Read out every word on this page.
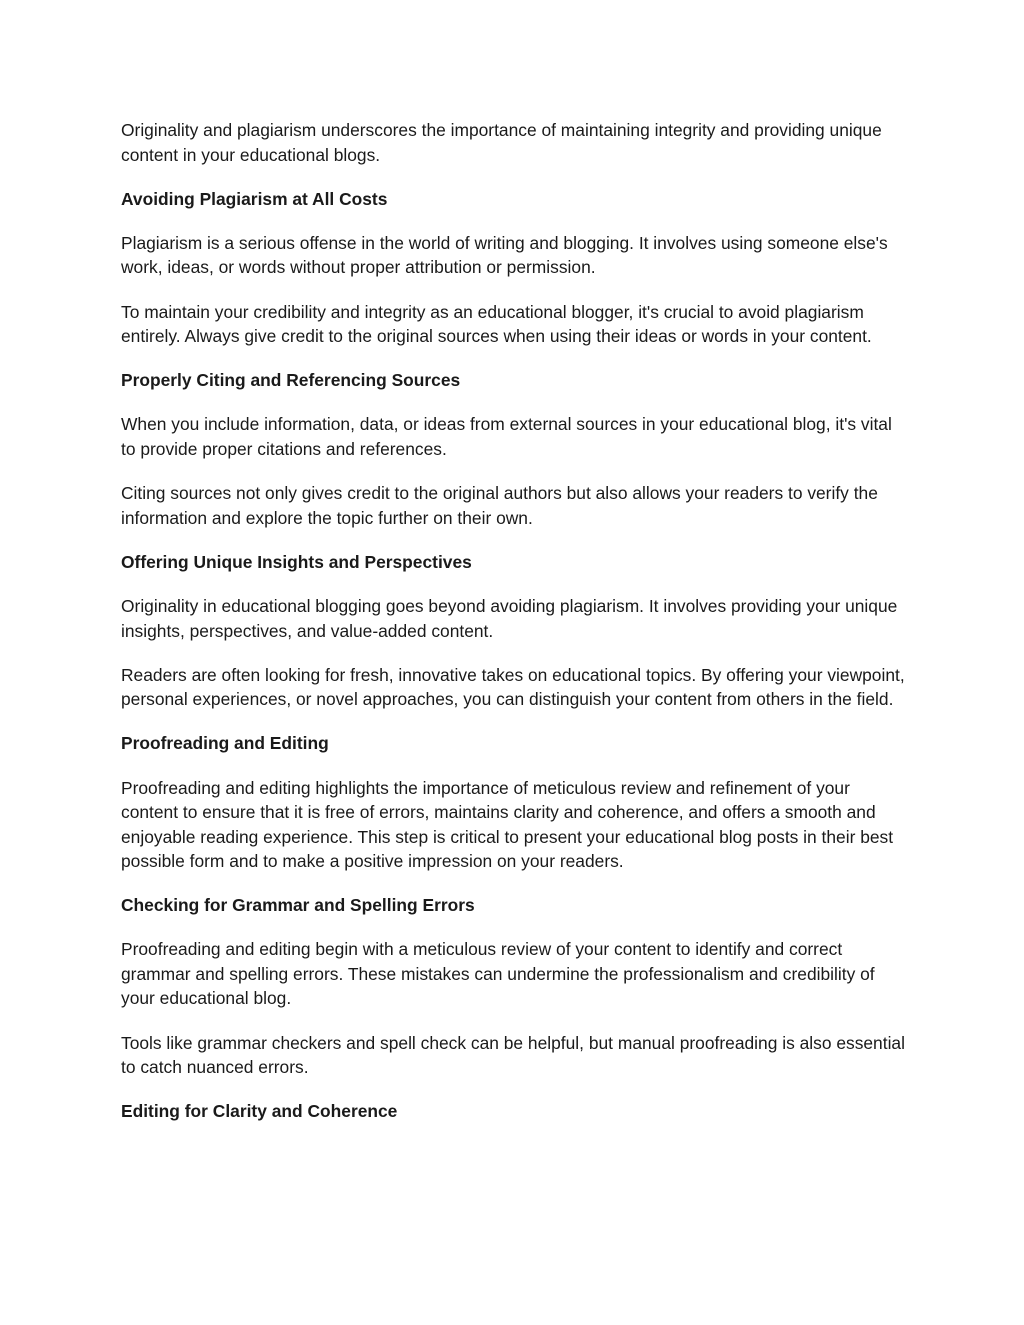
Originality and plagiarism underscores the importance of maintaining integrity and providing unique content in your educational blogs.

Avoiding Plagiarism at All Costs

Plagiarism is a serious offense in the world of writing and blogging. It involves using someone else's work, ideas, or words without proper attribution or permission.

To maintain your credibility and integrity as an educational blogger, it's crucial to avoid plagiarism entirely. Always give credit to the original sources when using their ideas or words in your content.

Properly Citing and Referencing Sources

When you include information, data, or ideas from external sources in your educational blog, it's vital to provide proper citations and references.

Citing sources not only gives credit to the original authors but also allows your readers to verify the information and explore the topic further on their own.

Offering Unique Insights and Perspectives

Originality in educational blogging goes beyond avoiding plagiarism. It involves providing your unique insights, perspectives, and value-added content.

Readers are often looking for fresh, innovative takes on educational topics. By offering your viewpoint, personal experiences, or novel approaches, you can distinguish your content from others in the field.

Proofreading and Editing

Proofreading and editing highlights the importance of meticulous review and refinement of your content to ensure that it is free of errors, maintains clarity and coherence, and offers a smooth and enjoyable reading experience. This step is critical to present your educational blog posts in their best possible form and to make a positive impression on your readers.

Checking for Grammar and Spelling Errors

Proofreading and editing begin with a meticulous review of your content to identify and correct grammar and spelling errors. These mistakes can undermine the professionalism and credibility of your educational blog.

Tools like grammar checkers and spell check can be helpful, but manual proofreading is also essential to catch nuanced errors.

Editing for Clarity and Coherence
